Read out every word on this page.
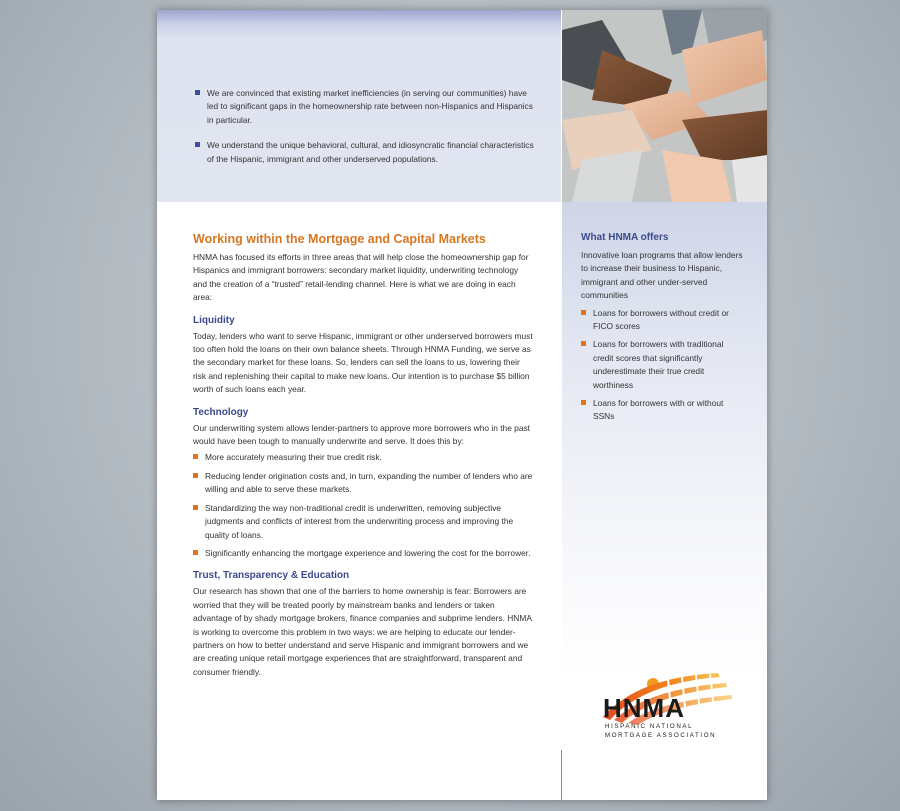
We are convinced that existing market inefficiencies (in serving our communities) have led to significant gaps in the homeownership rate between non-Hispanics and Hispanics in particular.
We understand the unique behavioral, cultural, and idiosyncratic financial characteristics of the Hispanic, immigrant and other underserved populations.
Working within the Mortgage and Capital Markets

HNMA has focused its efforts in three areas that will help close the homeownership gap for Hispanics and immigrant borrowers: secondary market liquidity, underwriting technology and the creation of a “trusted” retail-lending channel. Here is what we are doing in each area:

Liquidity

Today, lenders who want to serve Hispanic, immigrant or other underserved borrowers must too often hold the loans on their own balance sheets. Through HNMA Funding, we serve as the secondary market for these loans. So, lenders can sell the loans to us, lowering their risk and replenishing their capital to make new loans. Our intention is to purchase $5 billion worth of such loans each year.

Technology

Our underwriting system allows lender-partners to approve more borrowers who in the past would have been tough to manually underwrite and serve. It does this by:

More accurately measuring their true credit risk.
Reducing lender origination costs and, in turn, expanding the number of lenders who are willing and able to serve these markets.
Standardizing the way non-traditional credit is underwritten, removing subjective judgments and conflicts of interest from the underwriting process and improving the quality of loans.
Significantly enhancing the mortgage experience and lowering the cost for the borrower.
Trust, Transparency & Education

Our research has shown that one of the barriers to home ownership is fear: Borrowers are worried that they will be treated poorly by mainstream banks and lenders or taken advantage of by shady mortgage brokers, finance companies and subprime lenders. HNMA is working to overcome this problem in two ways: we are helping to educate our lender-partners on how to better understand and serve Hispanic and immigrant borrowers and we are creating unique retail mortgage experiences that are straightforward, transparent and consumer friendly.

What HNMA offers

Innovative loan programs that allow lenders to increase their business to Hispanic, immigrant and other under-served communities

Loans for borrowers without credit or FICO scores
Loans for borrowers with traditional credit scores that significantly underestimate their true credit worthiness
Loans for borrowers with or without SSNs
HNMA
HISPANIC NATIONAL
MORTGAGE ASSOCIATION
